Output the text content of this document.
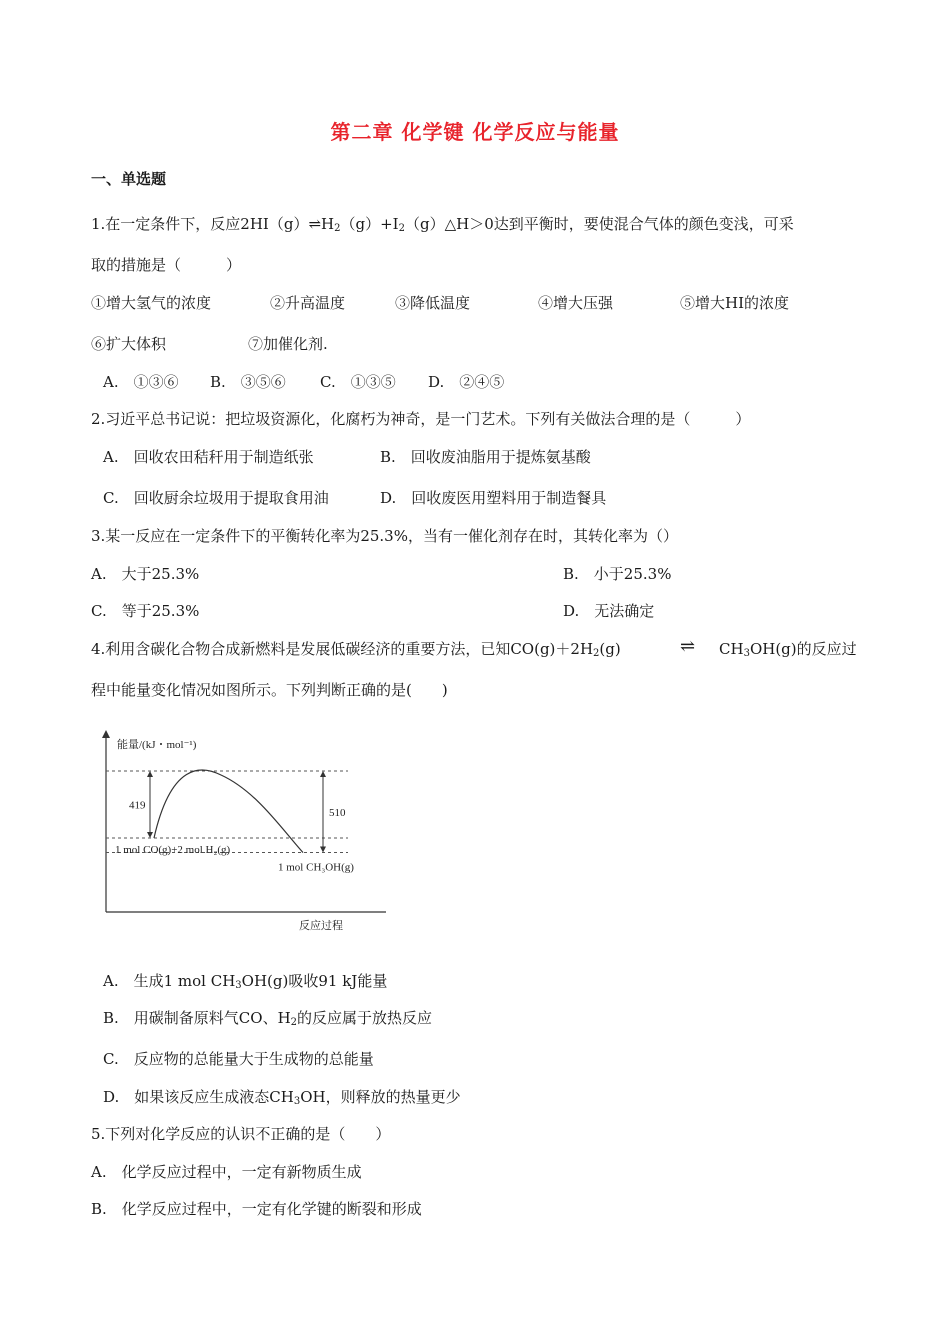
第二章 化学键 化学反应与能量
一、单选题
1.在一定条件下，反应$2HI(g)\rightleftharpoons H_2(g)+I_2(g)\triangle H>0$达到平衡时，要使混合气体的颜色变浅，可采
取的措施是（　　　）
①增大氢气的浓度	②升高温度	③降低温度	④增大压强	⑤增大HI的浓度
⑥扩大体积	⑦加催化剂.
A.　①③⑥ B.　③⑤⑥ C.　①③⑤ D.　②④⑤
2.习近平总书记说：把垃圾资源化，化腐朽为神奇，是一门艺术。下列有关做法合理的是（　　　）
A.　回收农田秸秆用于制造纸张	B.　回收废油脂用于提炼氨基酸
C.　回收厨余垃圾用于提取食用油	D.　回收废医用塑料用于制造餐具
3.某一反应在一定条件下的平衡转化率为25.3%，当有一催化剂存在时，其转化率为（）
A.　大于25.3%	B.　小于25.3%
C.　等于25.3%	D.　无法确定
4.利用含碳化合物合成新燃料是发展低碳经济的重要方法，已知$CO(g)+2H_2(g)$	⇌ $CH_3OH(g)$的反应过
程中能量变化情况如图所示。下列判断正确的是(　　)
能量/(kJ・mol⁻¹)
反应过程
419
510
1 mol CO(g)+2 mol H₂(g)
1 mol CH₃OH(g)
A.　生成1 mol $CH_3OH(g)$吸收91 kJ能量
B.　用碳制备原料气CO、$H_2$的反应属于放热反应
C.　反应物的总能量大于生成物的总能量
D.　如果该反应生成液态$CH_3OH$，则释放的热量更少
5.下列对化学反应的认识不正确的是（　　）
A.　化学反应过程中，一定有新物质生成
B.　化学反应过程中，一定有化学键的断裂和形成
